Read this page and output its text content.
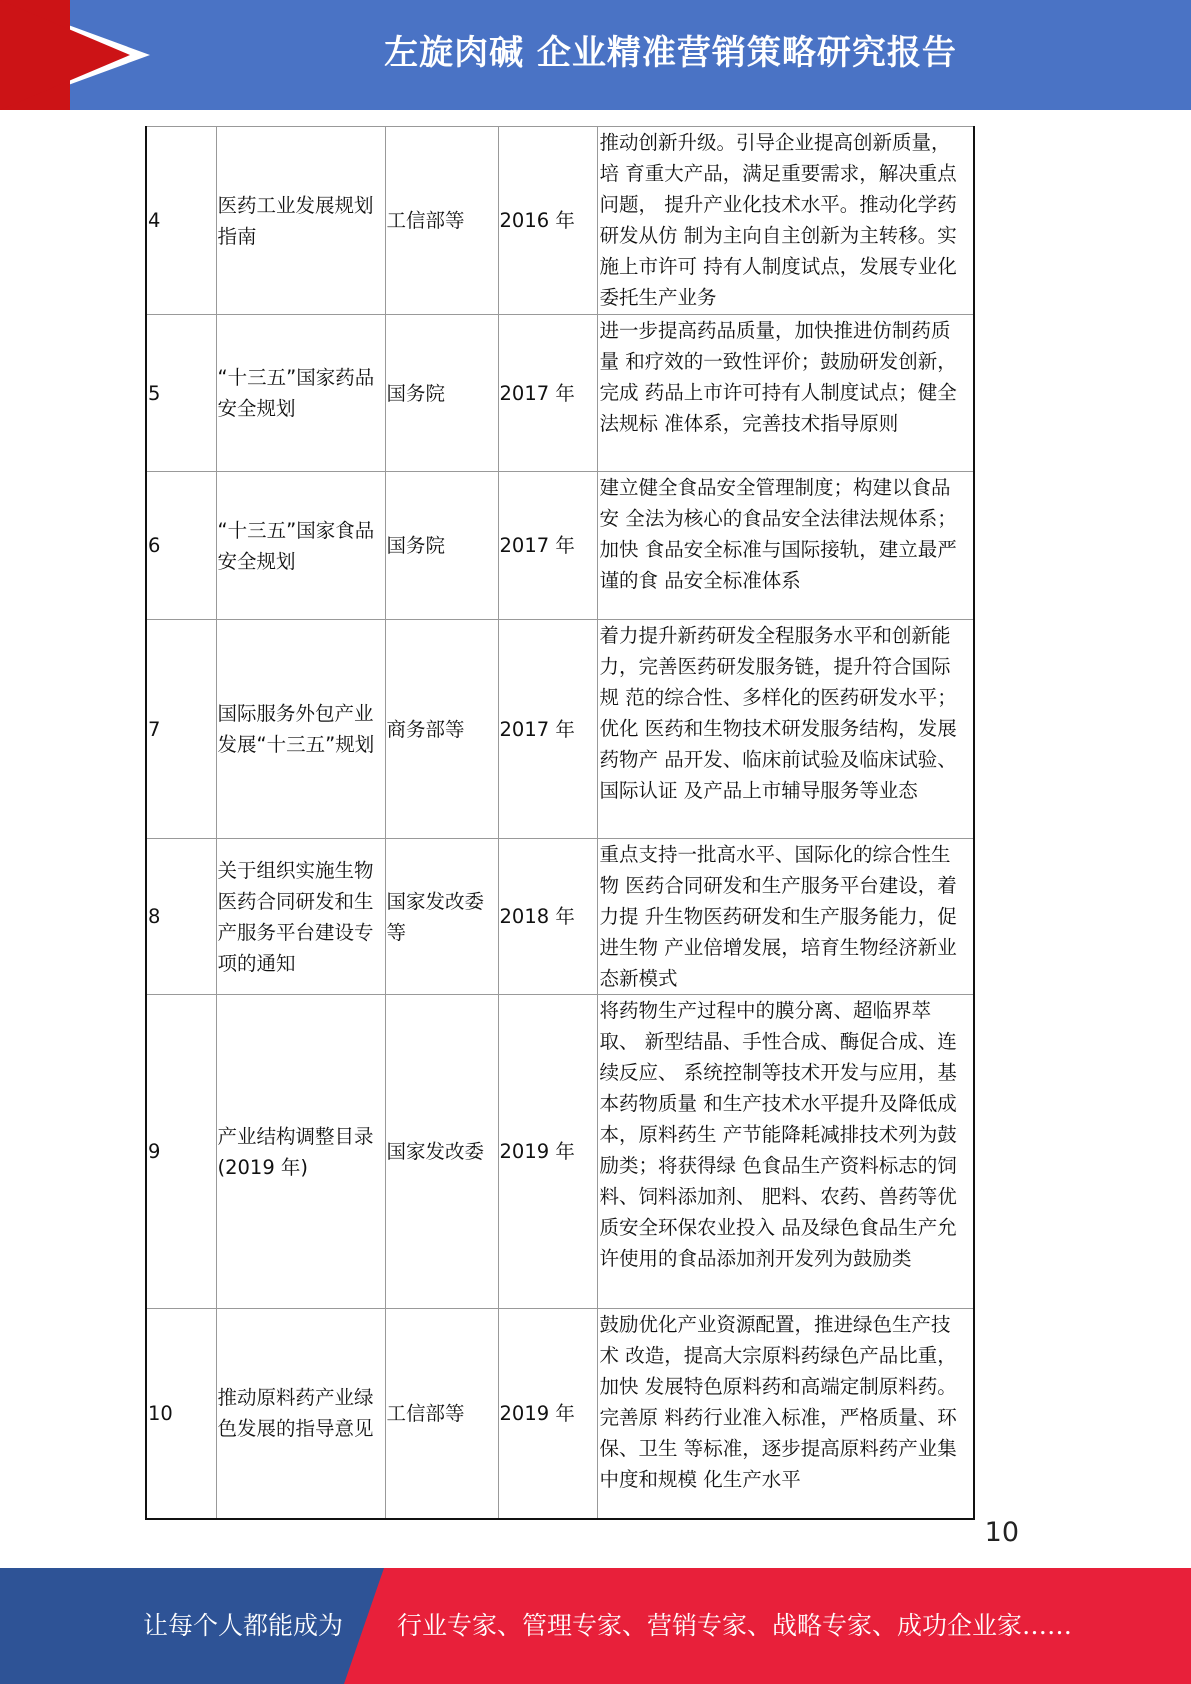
左旋肉碱 企业精准营销策略研究报告
4	医药工业发展规划指南	工信部等	2016 年	推动创新升级。引导企业提高创新质量，培 育重大产品，满足重要需求，解决重点问题， 提升产业化技术水平。推动化学药研发从仿 制为主向自主创新为主转移。实施上市许可 持有人制度试点，发展专业化委托生产业务
5	“十三五”国家药品安全规划	国务院	2017 年	进一步提高药品质量，加快推进仿制药质量 和疗效的一致性评价；鼓励研发创新，完成 药品上市许可持有人制度试点；健全法规标 准体系，完善技术指导原则
6	“十三五”国家食品安全规划	国务院	2017 年	建立健全食品安全管理制度；构建以食品安 全法为核心的食品安全法律法规体系；加快 食品安全标准与国际接轨，建立最严谨的食 品安全标准体系
7	国际服务外包产业发展“十三五”规划	商务部等	2017 年	着力提升新药研发全程服务水平和创新能 力，完善医药研发服务链，提升符合国际规 范的综合性、多样化的医药研发水平；优化 医药和生物技术研发服务结构，发展药物产 品开发、临床前试验及临床试验、国际认证 及产品上市辅导服务等业态
8	关于组织实施生物医药合同研发和生产服务平台建设专项的通知	国家发改委等	2018 年	重点支持一批高水平、国际化的综合性生物 医药合同研发和生产服务平台建设，着力提 升生物医药研发和生产服务能力，促进生物 产业倍增发展，培育生物经济新业态新模式
9	产业结构调整目录(2019 年)	国家发改委	2019 年	将药物生产过程中的膜分离、超临界萃取、 新型结晶、手性合成、酶促合成、连续反应、 系统控制等技术开发与应用，基本药物质量 和生产技术水平提升及降低成本，原料药生 产节能降耗减排技术列为鼓励类；将获得绿 色食品生产资料标志的饲料、饲料添加剂、 肥料、农药、兽药等优质安全环保农业投入 品及绿色食品生产允许使用的食品添加剂开发列为鼓励类
10	推动原料药产业绿色发展的指导意见	工信部等	2019 年	鼓励优化产业资源配置，推进绿色生产技术 改造，提高大宗原料药绿色产品比重，加快 发展特色原料药和高端定制原料药。完善原 料药行业准入标准，严格质量、环保、卫生 等标准，逐步提高原料药产业集中度和规模 化生产水平
10
让每个人都能成为 行业专家、管理专家、营销专家、战略专家、成功企业家……
